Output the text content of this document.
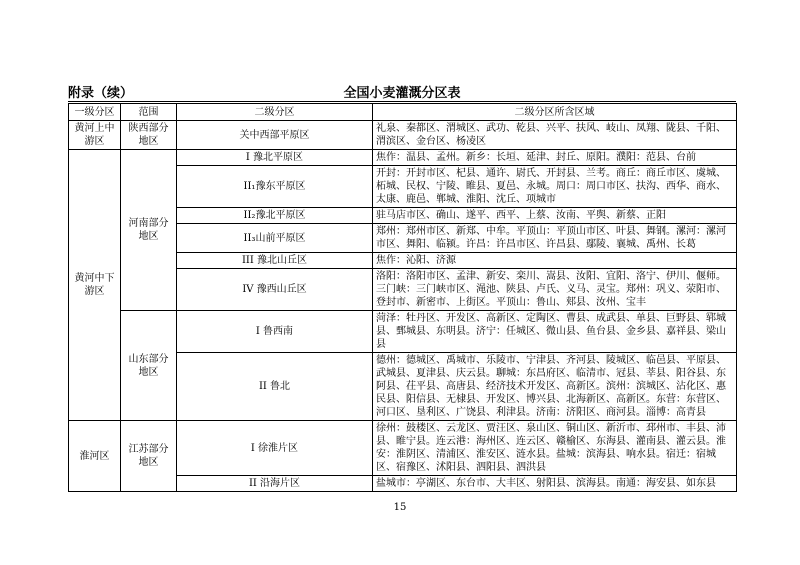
附录（续）	全国小麦灌溉分区表
一级分区	范围	二级分区	二级分区所含区域
黄河上中游区	陕西部分地区	关中西部平原区	礼泉、秦都区、渭城区、武功、乾县、兴平、扶风、岐山、凤翔、陇县、千阳、渭滨区、金台区、杨凌区
黄河中下游区	河南部分地区	I 豫北平原区	焦作：温县、孟州。新乡：长垣、延津、封丘、原阳。濮阳：范县、台前
		II₁豫东平原区	开封：开封市区、杞县、通许、尉氏、开封县、兰考。商丘：商丘市区、虞城、柘城、民权、宁陵、睢县、夏邑、永城。周口：周口市区、扶沟、西华、商水、太康、鹿邑、郸城、淮阳、沈丘、项城市
		II₂豫北平原区	驻马店市区、确山、遂平、西平、上蔡、汝南、平舆、新蔡、正阳
		II₃山前平原区	郑州：郑州市区、新郑、中牟。平顶山：平顶山市区、叶县、舞钢。漯河：漯河市区、舞阳、临颍。许昌：许昌市区、许昌县、鄢陵、襄城、禹州、长葛
		III 豫北山丘区	焦作：沁阳、济源
		IV 豫西山丘区	洛阳：洛阳市区、孟津、新安、栾川、嵩县、汝阳、宜阳、洛宁、伊川、偃师。三门峡：三门峡市区、渑池、陕县、卢氏、义马、灵宝。郑州：巩义、荥阳市、登封市、新密市、上街区。平顶山：鲁山、郏县、汝州、宝丰
	山东部分地区	I 鲁西南	菏泽：牡丹区、开发区、高新区、定陶区、曹县、成武县、单县、巨野县、郓城县、鄄城县、东明县。济宁：任城区、微山县、鱼台县、金乡县、嘉祥县、梁山县
		II 鲁北	德州：德城区、禹城市、乐陵市、宁津县、齐河县、陵城区、临邑县、平原县、武城县、夏津县、庆云县。聊城：东昌府区、临清市、冠县、莘县、阳谷县、东阿县、茌平县、高唐县、经济技术开发区、高新区。滨州：滨城区、沾化区、惠民县、阳信县、无棣县、开发区、博兴县、北海新区、高新区。东营：东营区、河口区、垦利区、广饶县、利津县。济南：济阳区、商河县。淄博：高青县
淮河区	江苏部分地区	I 徐淮片区	徐州：鼓楼区、云龙区、贾汪区、泉山区、铜山区、新沂市、邳州市、丰县、沛县、睢宁县。连云港：海州区、连云区、赣榆区、东海县、灌南县、灌云县。淮安：淮阴区、清浦区、淮安区、涟水县。盐城：滨海县、响水县。宿迁：宿城区、宿豫区、沭阳县、泗阳县、泗洪县
		II 沿海片区	盐城市：亭湖区、东台市、大丰区、射阳县、滨海县。南通：海安县、如东县
15
